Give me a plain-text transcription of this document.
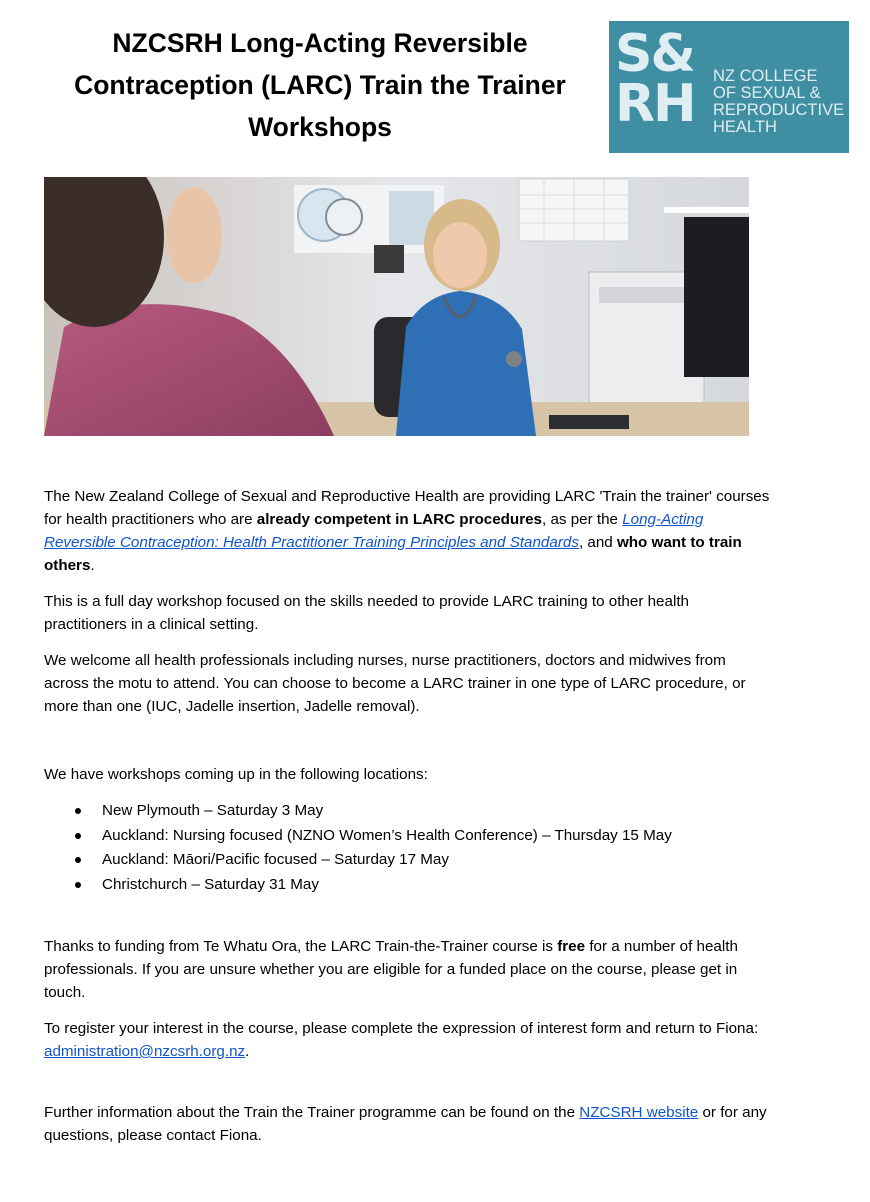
NZCSRH Long-Acting Reversible Contraception (LARC) Train the Trainer Workshops
S&
RH NZ COLLEGE
OF SEXUAL &
REPRODUCTIVE
HEALTH

The New Zealand College of Sexual and Reproductive Health are providing LARC 'Train the trainer' courses for health practitioners who are already competent in LARC procedures, as per the Long-Acting Reversible Contraception: Health Practitioner Training Principles and Standards, and who want to train others.

This is a full day workshop focused on the skills needed to provide LARC training to other health practitioners in a clinical setting.

We welcome all health professionals including nurses, nurse practitioners, doctors and midwives from across the motu to attend. You can choose to become a LARC trainer in one type of LARC procedure, or more than one (IUC, Jadelle insertion, Jadelle removal).

We have workshops coming up in the following locations:

New Plymouth – Saturday 3 May
Auckland: Nursing focused (NZNO Women’s Health Conference) – Thursday 15 May
Auckland: Māori/Pacific focused – Saturday 17 May
Christchurch – Saturday 31 May

Thanks to funding from Te Whatu Ora, the LARC Train-the-Trainer course is free for a number of health professionals. If you are unsure whether you are eligible for a funded place on the course, please get in touch.

To register your interest in the course, please complete the expression of interest form and return to Fiona: administration@nzcsrh.org.nz.

Further information about the Train the Trainer programme can be found on the NZCSRH website or for any questions, please contact Fiona.
